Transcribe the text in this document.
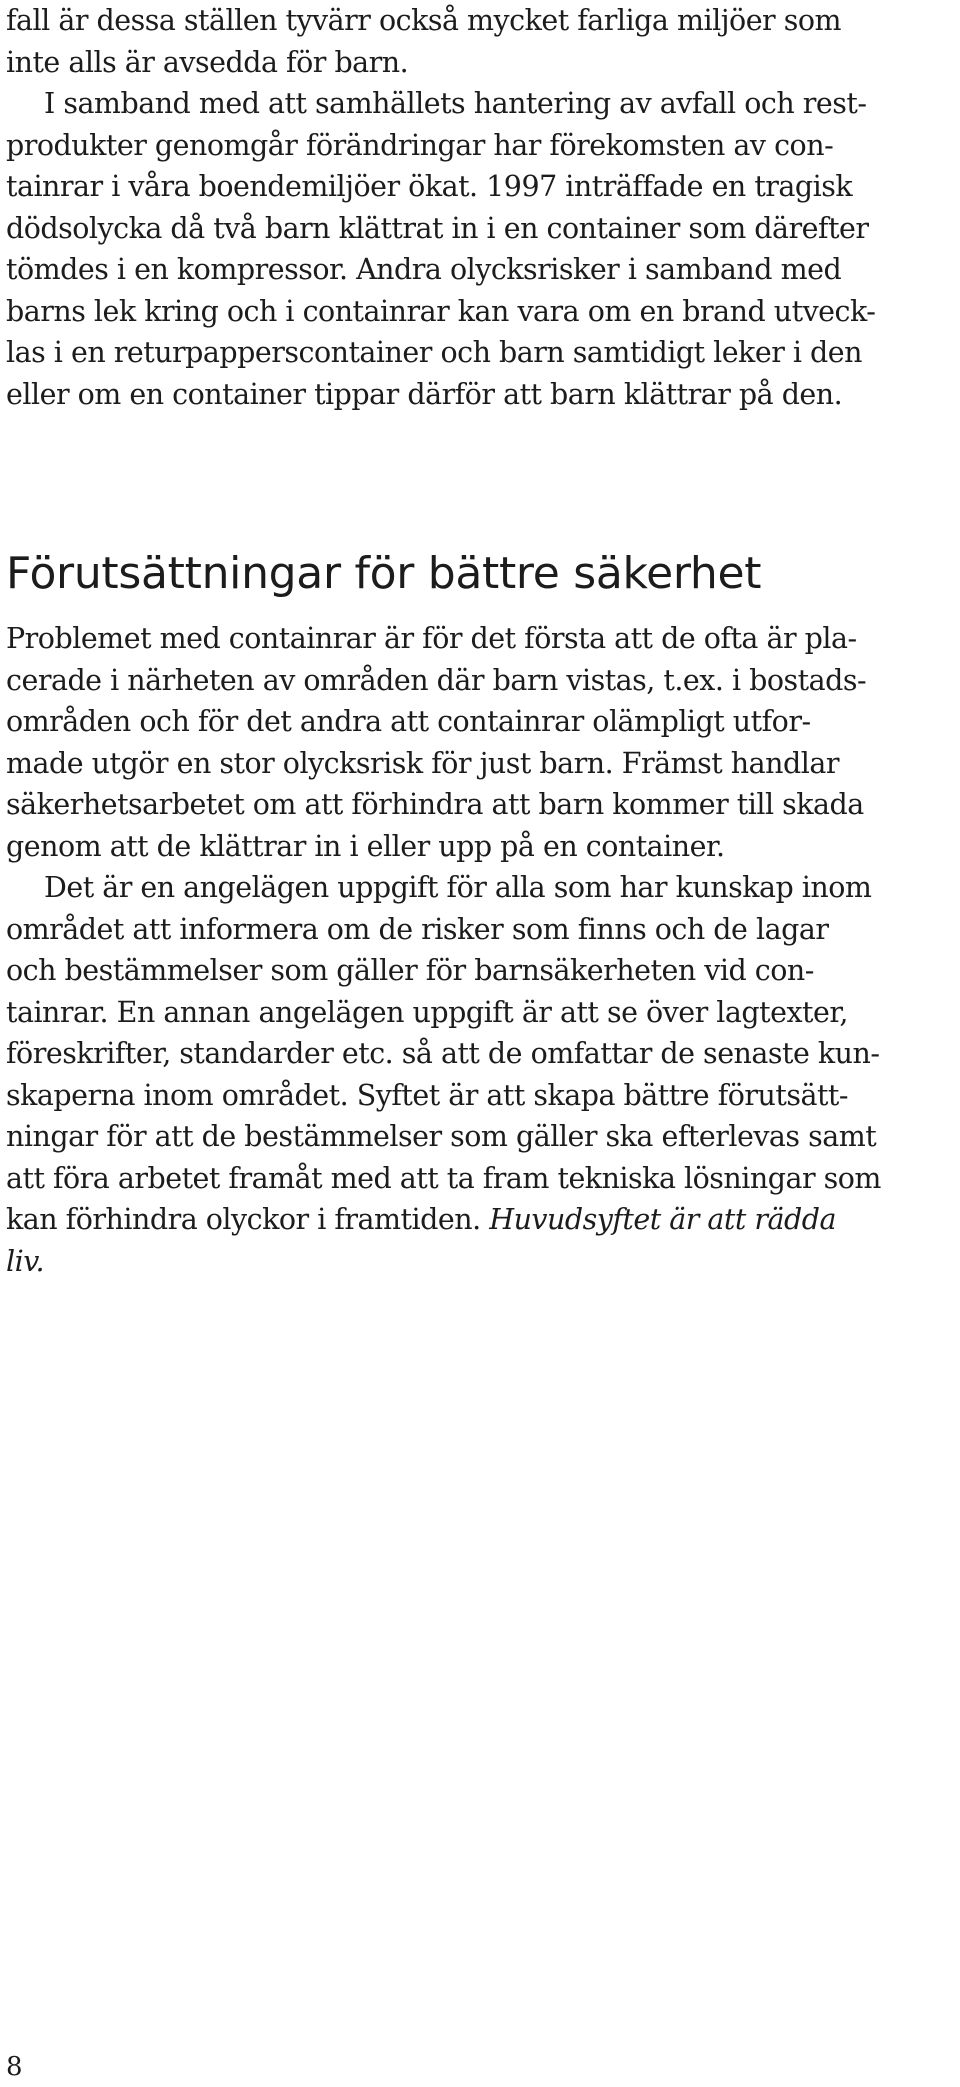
fall är dessa ställen tyvärr också mycket farliga miljöer som
inte alls är avsedda för barn.
I samband med att samhällets hantering av avfall och rest-
produkter genomgår förändringar har förekomsten av con-
tainrar i våra boendemiljöer ökat. 1997 inträffade en tragisk
dödsolycka då två barn klättrat in i en container som därefter
tömdes i en kompressor. Andra olycksrisker i samband med
barns lek kring och i containrar kan vara om en brand utveck-
las i en returpapperscontainer och barn samtidigt leker i den
eller om en container tippar därför att barn klättrar på den.
Förutsättningar för bättre säkerhet
Problemet med containrar är för det första att de ofta är pla-
cerade i närheten av områden där barn vistas, t.ex. i bostads-
områden och för det andra att containrar olämpligt utfor-
made utgör en stor olycksrisk för just barn. Främst handlar
säkerhetsarbetet om att förhindra att barn kommer till skada
genom att de klättrar in i eller upp på en container.
Det är en angelägen uppgift för alla som har kunskap inom
området att informera om de risker som finns och de lagar
och bestämmelser som gäller för barnsäkerheten vid con-
tainrar. En annan angelägen uppgift är att se över lagtexter,
föreskrifter, standarder etc. så att de omfattar de senaste kun-
skaperna inom området. Syftet är att skapa bättre förutsätt-
ningar för att de bestämmelser som gäller ska efterlevas samt
att föra arbetet framåt med att ta fram tekniska lösningar som
kan förhindra olyckor i framtiden. Huvudsyftet är att rädda
liv.
8
